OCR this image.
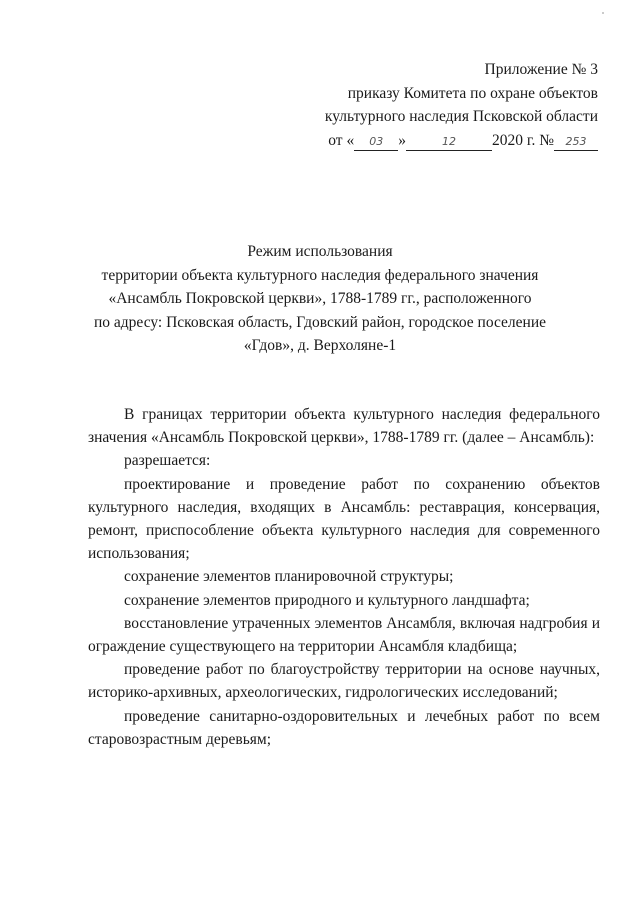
Приложение № 3
приказу Комитета по охране объектов
культурного наследия Псковской области
от « 03 »	12 2020 г. № 253
Режим использования
территории объекта культурного наследия федерального значения
«Ансамбль Покровской церкви», 1788-1789 гг., расположенного
по адресу: Псковская область, Гдовский район, городское поселение
«Гдов», д. Верхоляне-1

В границах территории объекта культурного наследия федерального значения «Ансамбль Покровской церкви», 1788-1789 гг. (далее – Ансамбль):

разрешается:

проектирование и проведение работ по сохранению объектов культурного наследия, входящих в Ансамбль: реставрация, консервация, ремонт, приспособление объекта культурного наследия для современного использования;

сохранение элементов планировочной структуры;

сохранение элементов природного и культурного ландшафта;

восстановление утраченных элементов Ансамбля, включая надгробия и ограждение существующего на территории Ансамбля кладбища;

проведение работ по благоустройству территории на основе научных, историко-архивных, археологических, гидрологических исследований;

проведение санитарно-оздоровительных и лечебных работ по всем старовозрастным деревьям;
